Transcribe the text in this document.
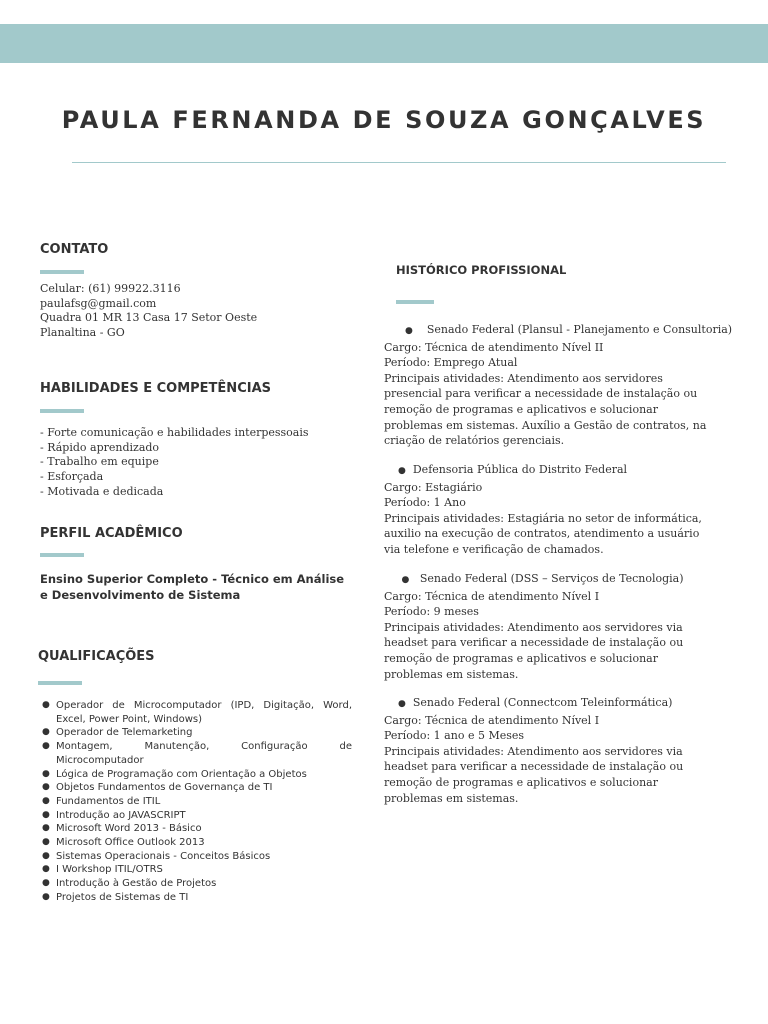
PAULA FERNANDA DE SOUZA GONÇALVES
CONTATO
Celular: (61) 99922.3116
paulafsg@gmail.com
Quadra 01 MR 13 Casa 17 Setor Oeste
Planaltina - GO
HABILIDADES E COMPETÊNCIAS
- Forte comunicação e habilidades interpessoais
- Rápido aprendizado
- Trabalho em equipe
- Esforçada
- Motivada e dedicada
PERFIL ACADÊMICO
Ensino Superior Completo - Técnico em Análise
e Desenvolvimento de Sistema
QUALIFICAÇÕES
● Operador de Microcomputador (IPD, Digitação, Word, Excel, Power Point, Windows)
● Operador de Telemarketing
● Montagem, Manutenção, Configuração de Microcomputador
● Lógica de Programação com Orientação a Objetos
● Objetos Fundamentos de Governança de TI
● Fundamentos de ITIL
● Introdução ao JAVASCRIPT
● Microsoft Word 2013 - Básico
● Microsoft Office Outlook 2013
● Sistemas Operacionais - Conceitos Básicos
● I Workshop ITIL/OTRS
● Introdução à Gestão de Projetos
● Projetos de Sistemas de TI
HISTÓRICO PROFISSIONAL
● Senado Federal (Plansul - Planejamento e Consultoria)
Cargo: Técnica de atendimento Nível II
Período: Emprego Atual
Principais atividades: Atendimento aos servidores
presencial para verificar a necessidade de instalação ou
remoção de programas e aplicativos e solucionar
problemas em sistemas. Auxílio a Gestão de contratos, na
criação de relatórios gerenciais.
● Defensoria Pública do Distrito Federal
Cargo: Estagiário
Período: 1 Ano
Principais atividades: Estagiária no setor de informática,
auxilio na execução de contratos, atendimento a usuário
via telefone e verificação de chamados.
● Senado Federal (DSS – Serviços de Tecnologia)
Cargo: Técnica de atendimento Nível I
Período: 9 meses
Principais atividades: Atendimento aos servidores via
headset para verificar a necessidade de instalação ou
remoção de programas e aplicativos e solucionar
problemas em sistemas.
● Senado Federal (Connectcom Teleinformática)
Cargo: Técnica de atendimento Nível I
Período: 1 ano e 5 Meses
Principais atividades: Atendimento aos servidores via
headset para verificar a necessidade de instalação ou
remoção de programas e aplicativos e solucionar
problemas em sistemas.
